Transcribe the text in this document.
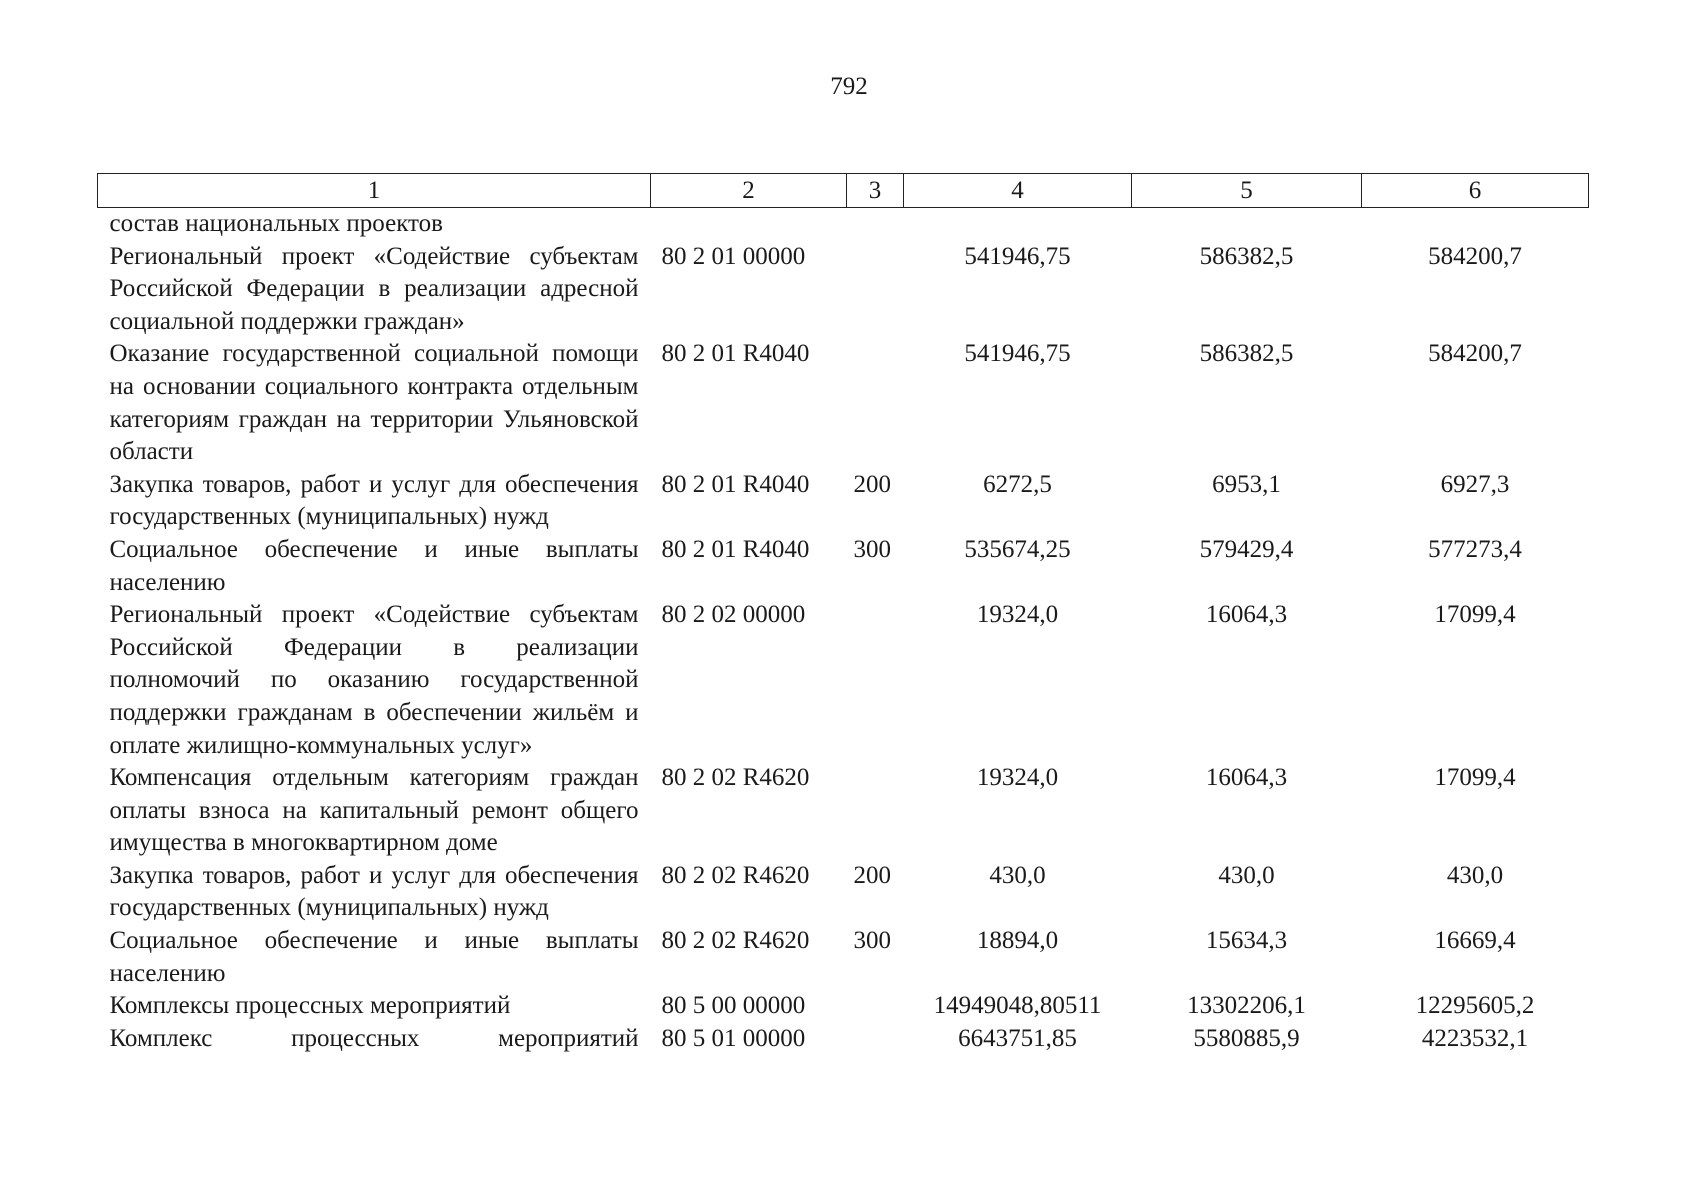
792
1	2	3	4	5	6
состав национальных проектов					
Региональный проект «Содействие субъектам Российской Федерации в реализации адресной социальной поддержки граждан»	80 2 01 00000		541946,75	586382,5	584200,7
Оказание государственной социальной помощи на основании социального контракта отдельным категориям граждан на территории Ульяновской области	80 2 01 R4040		541946,75	586382,5	584200,7
Закупка товаров, работ и услуг для обеспечения государственных (муниципальных) нужд	80 2 01 R4040	200	6272,5	6953,1	6927,3
Социальное обеспечение и иные выплаты населению	80 2 01 R4040	300	535674,25	579429,4	577273,4
Региональный проект «Содействие субъектам Российской Федерации в реализации полномочий по оказанию государственной поддержки гражданам в обеспечении жильём и оплате жилищно-коммунальных услуг»	80 2 02 00000		19324,0	16064,3	17099,4
Компенсация отдельным категориям граждан оплаты взноса на капитальный ремонт общего имущества в многоквартирном доме	80 2 02 R4620		19324,0	16064,3	17099,4
Закупка товаров, работ и услуг для обеспечения государственных (муниципальных) нужд	80 2 02 R4620	200	430,0	430,0	430,0
Социальное обеспечение и иные выплаты населению	80 2 02 R4620	300	18894,0	15634,3	16669,4
Комплексы процессных мероприятий	80 5 00 00000		14949048,80511	13302206,1	12295605,2
Комплекс процессных мероприятий	80 5 01 00000		6643751,85	5580885,9	4223532,1
